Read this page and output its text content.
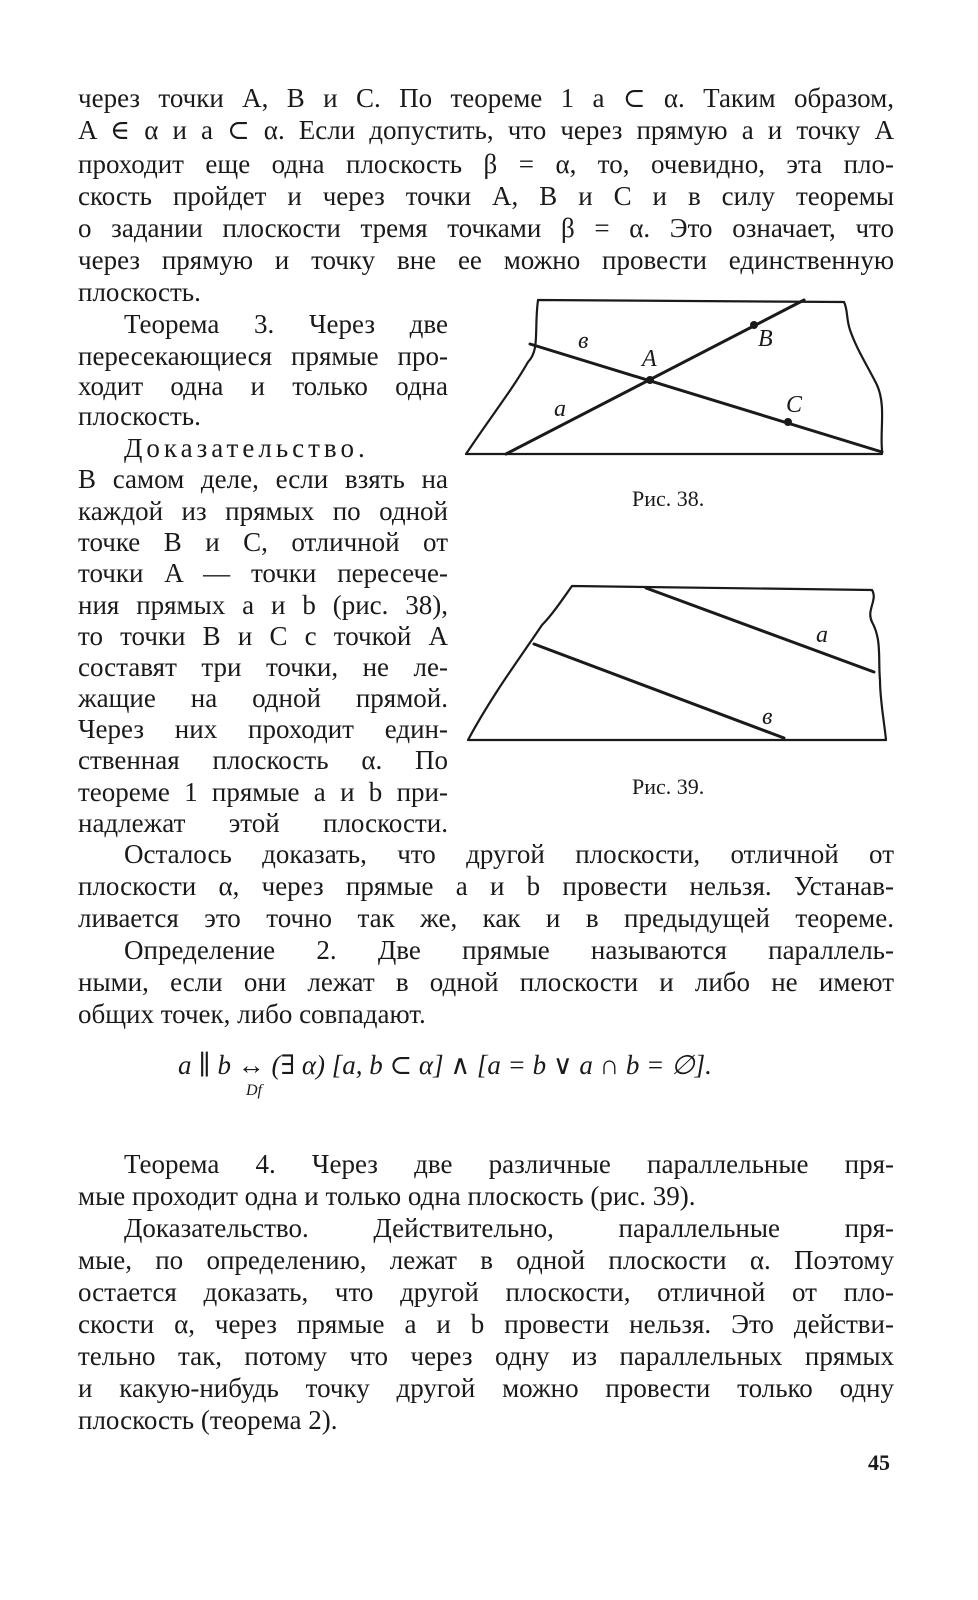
через точки A, B и C. По теореме 1 a ⊂ α. Таким образом,
A ∈ α и a ⊂ α. Если допустить, что через прямую a и точку A
проходит еще одна плоскость β = α, то, очевидно, эта пло-
скость пройдет и через точки A, B и C и в силу теоремы
о задании плоскости тремя точками β = α. Это означает, что
через прямую и точку вне ее можно провести единственную
плоскость.
Теорема 3. Через две
пересекающиеся прямые про-
ходит одна и только одна
плоскость.
Доказательство.
В самом деле, если взять на
каждой из прямых по одной
точке B и C, отличной от
точки A — точки пересече-
ния прямых a и b (рис. 38),
то точки B и C с точкой A
составят три точки, не ле-
жащие на одной прямой.
Через них проходит един-
ственная плоскость α. По
теореме 1 прямые a и b при-
надлежат этой плоскости.
в
A
B
a	C
Рис. 38.
a
в
Рис. 39.
Осталось доказать, что другой плоскости, отличной от
плоскости α, через прямые a и b провести нельзя. Устанав-
ливается это точно так же, как и в предыдущей теореме.
Определение 2. Две прямые называются параллель-
ными, если они лежат в одной плоскости и либо не имеют
общих точек, либо совпадают.
a ∥ b ↔ (∃ α) [a, b ⊂ α] ∧ [a = b ∨ a ∩ b = ∅].
Df
Теорема 4. Через две различные параллельные пря-
мые проходит одна и только одна плоскость (рис. 39).
Доказательство. Действительно, параллельные пря-
мые, по определению, лежат в одной плоскости α. Поэтому
остается доказать, что другой плоскости, отличной от пло-
скости α, через прямые a и b провести нельзя. Это действи-
тельно так, потому что через одну из параллельных прямых
и какую-нибудь точку другой можно провести только одну
плоскость (теорема 2).
45
